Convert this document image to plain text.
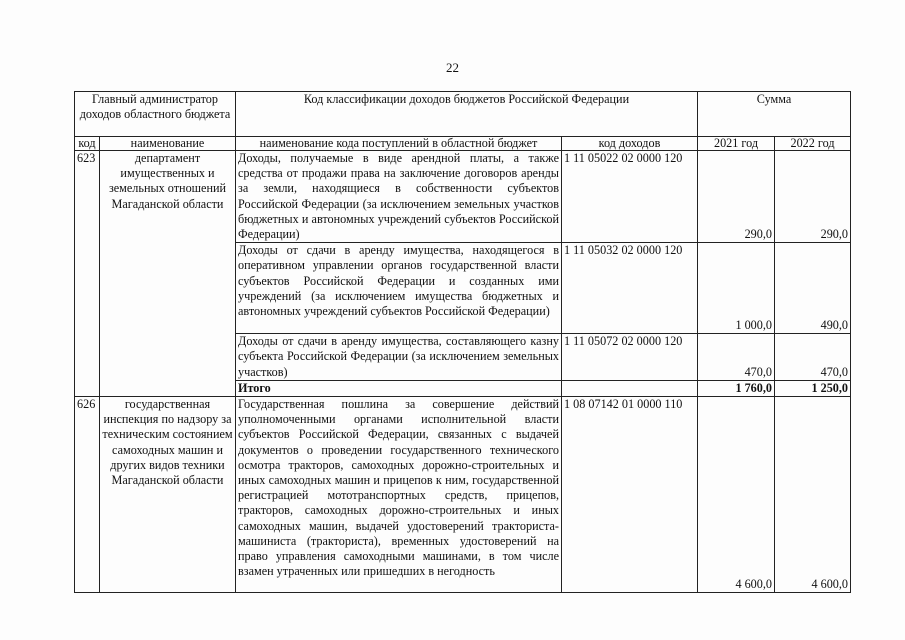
22
Главный администратор доходов областного бюджета		Код классификации доходов бюджетов Российской Федерации		Сумма	
код	наименование	наименование кода поступлений в областной бюджет	код доходов	2021 год	2022 год
623	департамент имущественных и земельных отношений Магаданской области	Доходы, получаемые в виде арендной платы, а также средства от продажи права на заключение договоров аренды за земли, находящиеся в собственности субъектов Российской Федерации (за исключением земельных участков бюджетных и автономных учреждений субъектов Российской Федерации)	1 11 05022 02 0000 120	290,0	290,0
		Доходы от сдачи в аренду имущества, находящегося в оперативном управлении органов государственной власти субъектов Российской Федерации и созданных ими учреждений (за исключением имущества бюджетных и автономных учреждений субъектов Российской Федерации)	1 11 05032 02 0000 120	1 000,0	490,0
		Доходы от сдачи в аренду имущества, составляющего казну субъекта Российской Федерации (за исключением земельных участков)	1 11 05072 02 0000 120	470,0	470,0
		Итого		1 760,0	1 250,0
626	государственная инспекция по надзору за техническим состоянием самоходных машин и других видов техники Магаданской области	Государственная пошлина за совершение действий уполномоченными органами исполнительной власти субъектов Российской Федерации, связанных с выдачей документов о проведении государственного технического осмотра тракторов, самоходных дорожно-строительных и иных самоходных машин и прицепов к ним, государственной регистрацией мототранспортных средств, прицепов, тракторов, самоходных дорожно-строительных и иных самоходных машин, выдачей удостоверений тракториста-машиниста (тракториста), временных удостоверений на право управления самоходными машинами, в том числе взамен утраченных или пришедших в негодность	1 08 07142 01 0000 110	4 600,0	4 600,0
